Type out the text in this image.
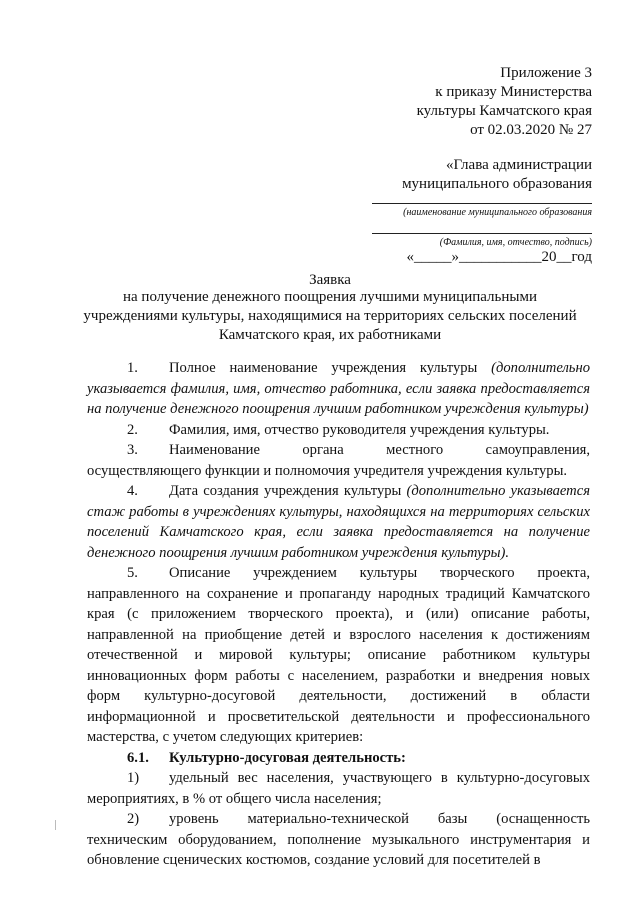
Приложение 3
к приказу Министерства
культуры Камчатского края
от 02.03.2020 № 27
«Глава администрации
муниципального образования
(наименование муниципального образования
(Фамилия, имя, отчество, подпись)
«_____»___________20__год
Заявка
на получение денежного поощрения лучшими муниципальными
учреждениями культуры, находящимися на территориях сельских поселений
Камчатского края, их работниками

1. Полное наименование учреждения культуры (дополнительно указывается фамилия, имя, отчество работника, если заявка предоставляется на получение денежного поощрения лучшим работником учреждения культуры)

2. Фамилия, имя, отчество руководителя учреждения культуры.

3. Наименование органа местного самоуправления, осуществляющего функции и полномочия учредителя учреждения культуры.

4. Дата создания учреждения культуры (дополнительно указывается стаж работы в учреждениях культуры, находящихся на территориях сельских поселений Камчатского края, если заявка предоставляется на получение денежного поощрения лучшим работником учреждения культуры).

5. Описание учреждением культуры творческого проекта, направленного на сохранение и пропаганду народных традиций Камчатского края (с приложением творческого проекта), и (или) описание работы, направленной на приобщение детей и взрослого населения к достижениям отечественной и мировой культуры; описание работником культуры инновационных форм работы с населением, разработки и внедрения новых форм культурно-досуговой деятельности, достижений в области информационной и просветительской деятельности и профессионального мастерства, с учетом следующих критериев:

6.1. Культурно-досуговая деятельность:

1) удельный вес населения, участвующего в культурно-досуговых мероприятиях, в % от общего числа населения;

2) уровень материально-технической базы (оснащенность техническим оборудованием, пополнение музыкального инструментария и обновление сценических костюмов, создание условий для посетителей в
